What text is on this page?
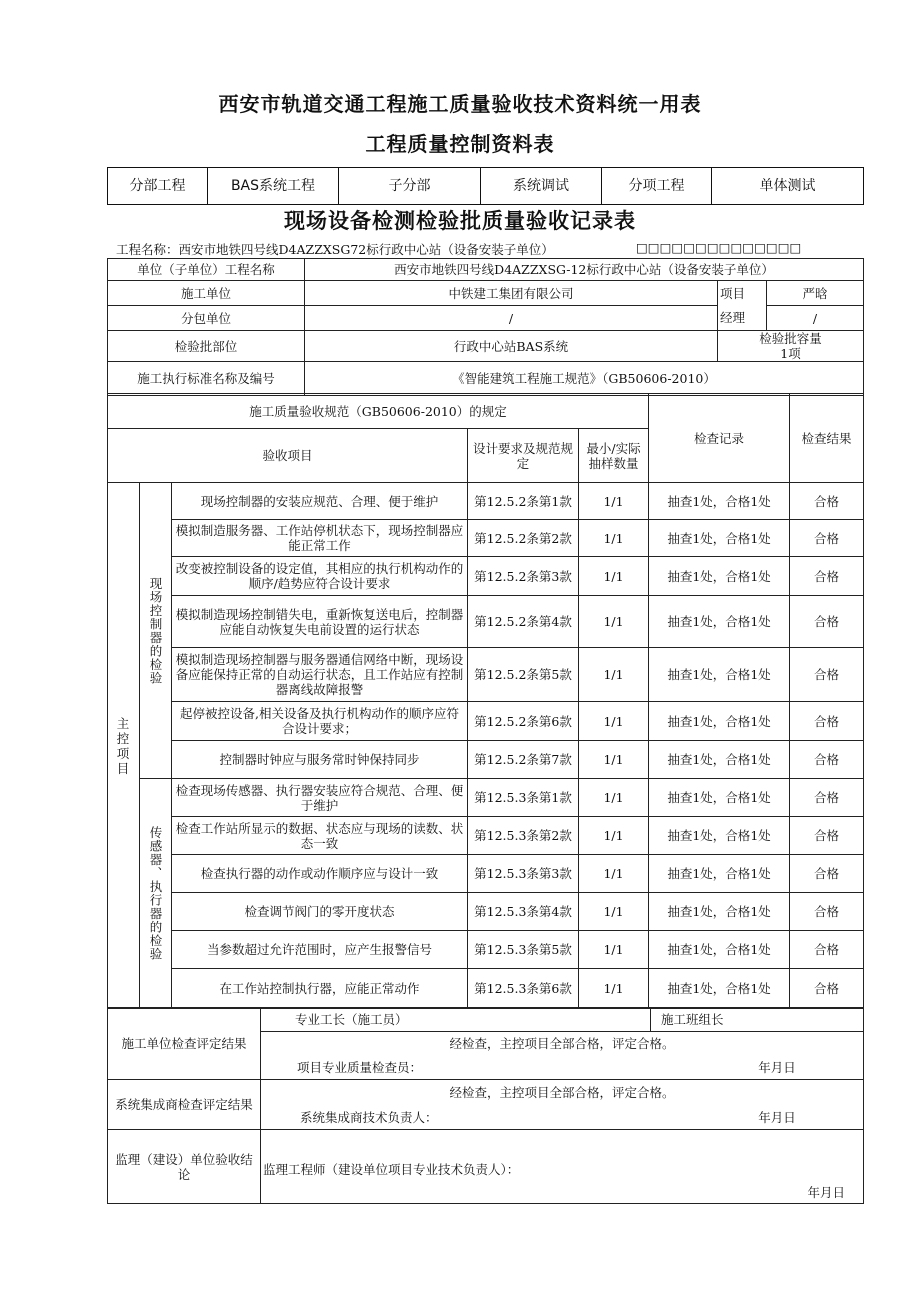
西安市轨道交通工程施工质量验收技术资料统一用表
工程质量控制资料表
分部工程	BAS系统工程	子分部	系统调试	分项工程	单体测试
现场设备检测检验批质量验收记录表
工程名称：西安市地铁四号线D4AZZXSG72标行政中心站（设备安装子单位）	□□□□□□□□□□□□□□
单位（子单位）工程名称	西安市地铁四号线D4AZZXSG-12标行政中心站（设备安装子单位）		
施工单位	中铁建工集团有限公司	项目	严晗
分包单位	/	经理	/
检验批部位	行政中心站BAS系统	检验批容量1项	
施工执行标准名称及编号	《智能建筑工程施工规范》（GB50606-2010）		
施工质量验收规范（GB50606-2010）的规定					检查记录	检查结果
验收项目			设计要求及规范规定	最小/实际抽样数量		

主控项目	现场控制器的检验	现场控制器的安装应规范、合理、便于维护	第12.5.2条第1款	1/1	抽查1处，合格1处	合格
		模拟制造服务器、工作站停机状态下，现场控制器应能正常工作	第12.5.2条第2款	1/1	抽查1处，合格1处	合格
		改变被控制设备的设定值，其相应的执行机构动作的顺序/趋势应符合设计要求	第12.5.2条第3款	1/1	抽查1处，合格1处	合格
		模拟制造现场控制错失电，重新恢复送电后，控制器应能自动恢复失电前设置的运行状态	第12.5.2条第4款	1/1	抽查1处，合格1处	合格
		模拟制造现场控制器与服务器通信网络中断，现场设备应能保持正常的自动运行状态，且工作站应有控制器离线故障报警	第12.5.2条第5款	1/1	抽查1处，合格1处	合格
		起停被控设备,相关设备及执行机构动作的顺序应符合设计要求；	第12.5.2条第6款	1/1	抽查1处，合格1处	合格
		控制器时钟应与服务常时钟保持同步	第12.5.2条第7款	1/1	抽查1处，合格1处	合格

	传感器、执行器的检验	检查现场传感器、执行器安装应符合规范、合理、便于维护	第12.5.3条第1款	1/1	抽查1处，合格1处	合格
		检查工作站所显示的数据、状态应与现场的读数、状态一致	第12.5.3条第2款	1/1	抽查1处，合格1处	合格
		检查执行器的动作或动作顺序应与设计一致	第12.5.3条第3款	1/1	抽查1处，合格1处	合格
		检查调节阀门的零开度状态	第12.5.3条第4款	1/1	抽查1处，合格1处	合格
		当参数超过允许范围时，应产生报警信号	第12.5.3条第5款	1/1	抽查1处，合格1处	合格
		在工作站控制执行器，应能正常动作	第12.5.3条第6款	1/1	抽查1处，合格1处	合格
施工单位检查评定结果	专业工长（施工员）	施工班组长
	经检查，主控项目全部合格，评定合格。	
	项目专业质量检查员： 年月日	
系统集成商检查评定结果	经检查，主控项目全部合格，评定合格。	
	系统集成商技术负责人： 年月日	
监理（建设）单位验收结论	监理工程师（建设单位项目专业技术负责人）：
年月日	
